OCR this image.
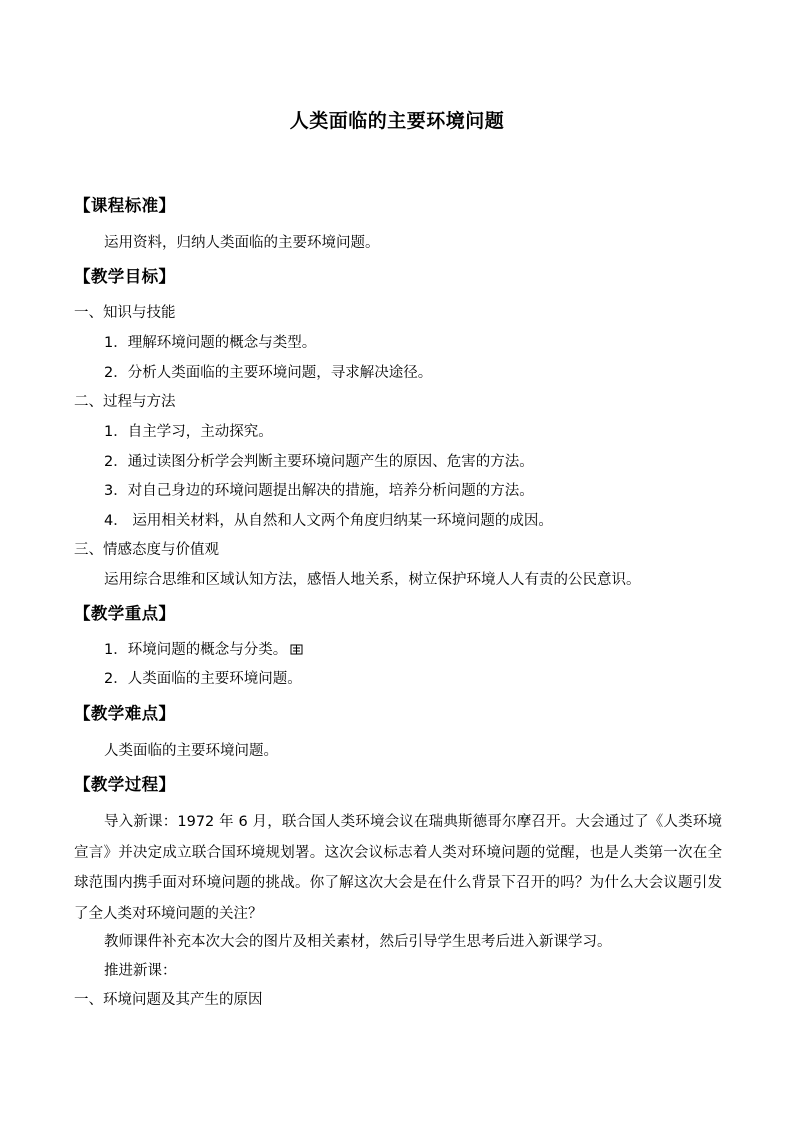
人类面临的主要环境问题
【课程标准】
运用资料，归纳人类面临的主要环境问题。
【教学目标】
一、知识与技能
1．理解环境问题的概念与类型。
2．分析人类面临的主要环境问题，寻求解决途径。
二、过程与方法
1．自主学习，主动探究。
2．通过读图分析学会判断主要环境问题产生的原因、危害的方法。
3．对自己身边的环境问题提出解决的措施，培养分析问题的方法。
4． 运用相关材料，从自然和人文两个角度归纳某一环境问题的成因。
三、情感态度与价值观
运用综合思维和区域认知方法，感悟人地关系，树立保护环境人人有责的公民意识。
【教学重点】
1．环境问题的概念与分类。
2．人类面临的主要环境问题。
【教学难点】
人类面临的主要环境问题。
【教学过程】
导入新课：1972 年 6 月，联合国人类环境会议在瑞典斯德哥尔摩召开。大会通过了《人类环境宣言》并决定成立联合国环境规划署。这次会议标志着人类对环境问题的觉醒，也是人类第一次在全球范围内携手面对环境问题的挑战。你了解这次大会是在什么背景下召开的吗？为什么大会议题引发了全人类对环境问题的关注？
教师课件补充本次大会的图片及相关素材，然后引导学生思考后进入新课学习。
推进新课：
一、环境问题及其产生的原因
